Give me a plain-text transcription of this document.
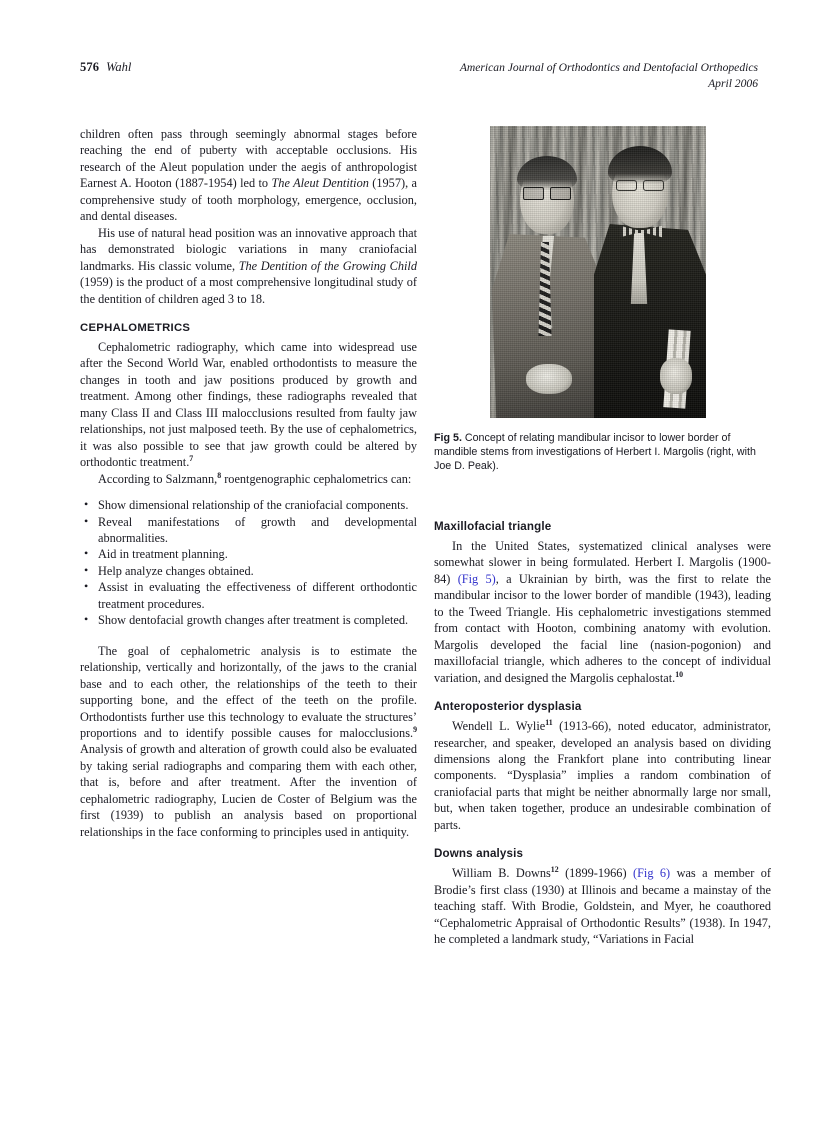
576 Wahl	American Journal of Orthodontics and Dentofacial Orthopedics
April 2006

children often pass through seemingly abnormal stages before reaching the end of puberty with acceptable occlusions. His research of the Aleut population under the aegis of anthropologist Earnest A. Hooton (1887-1954) led to The Aleut Dentition (1957), a comprehensive study of tooth morphology, emergence, occlusion, and dental diseases.

His use of natural head position was an innovative approach that has demonstrated biologic variations in many craniofacial landmarks. His classic volume, The Dentition of the Growing Child (1959) is the product of a most comprehensive longitudinal study of the dentition of children aged 3 to 18.

CEPHALOMETRICS

Cephalometric radiography, which came into widespread use after the Second World War, enabled orthodontists to measure the changes in tooth and jaw positions produced by growth and treatment. Among other findings, these radiographs revealed that many Class II and Class III malocclusions resulted from faulty jaw relationships, not just malposed teeth. By the use of cephalometrics, it was also possible to see that jaw growth could be altered by orthodontic treatment.$^7$

According to Salzmann,$^8$ roentgenographic cephalometrics can:

• Show dimensional relationship of the craniofacial components.
• Reveal manifestations of growth and developmental abnormalities.
• Aid in treatment planning.
• Help analyze changes obtained.
• Assist in evaluating the effectiveness of different orthodontic treatment procedures.
• Show dentofacial growth changes after treatment is completed.

The goal of cephalometric analysis is to estimate the relationship, vertically and horizontally, of the jaws to the cranial base and to each other, the relationships of the teeth to their supporting bone, and the effect of the teeth on the profile. Orthodontists further use this technology to evaluate the structures’ proportions and to identify possible causes for malocclusions.$^9$ Analysis of growth and alteration of growth could also be evaluated by taking serial radiographs and comparing them with each other, that is, before and after treatment. After the invention of cephalometric radiography, Lucien de Coster of Belgium was the first (1939) to publish an analysis based on proportional relationships in the face conforming to principles used in antiquity.

Fig 5. Concept of relating mandibular incisor to lower border of mandible stems from investigations of Herbert I. Margolis (right, with Joe D. Peak).
Maxillofacial triangle

In the United States, systematized clinical analyses were somewhat slower in being formulated. Herbert I. Margolis (1900-84) (Fig 5), a Ukrainian by birth, was the first to relate the mandibular incisor to the lower border of mandible (1943), leading to the Tweed Triangle. His cephalometric investigations stemmed from contact with Hooton, combining anatomy with evolution. Margolis developed the facial line (nasion-pogonion) and maxillofacial triangle, which adheres to the concept of individual variation, and designed the Margolis cephalostat.$^{10}$

Anteroposterior dysplasia

Wendell L. Wylie$^{11}$ (1913-66), noted educator, administrator, researcher, and speaker, developed an analysis based on dividing dimensions along the Frankfort plane into contributing linear components. “Dysplasia” implies a random combination of craniofacial parts that might be neither abnormally large nor small, but, when taken together, produce an undesirable combination of parts.

Downs analysis

William B. Downs$^{12}$ (1899-1966) (Fig 6) was a member of Brodie’s first class (1930) at Illinois and became a mainstay of the teaching staff. With Brodie, Goldstein, and Myer, he coauthored “Cephalometric Appraisal of Orthodontic Results” (1938). In 1947, he completed a landmark study, “Variations in Facial
